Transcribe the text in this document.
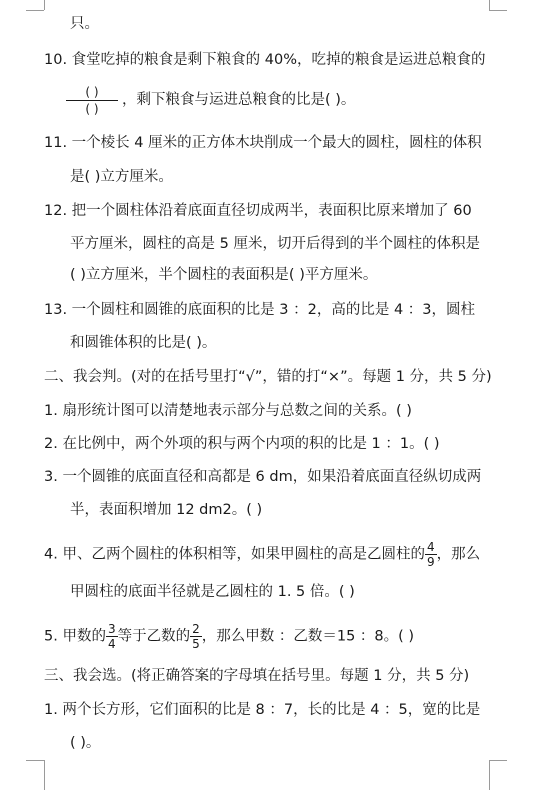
只。
10. 食堂吃掉的粮食是剩下粮食的 40%，吃掉的粮食是运进总粮食的
( )
( )
，剩下粮食与运进总粮食的比是( )。
11. 一个棱长 4 厘米的正方体木块削成一个最大的圆柱，圆柱的体积
是( )立方厘米。
12. 把一个圆柱体沿着底面直径切成两半，表面积比原来增加了 60
平方厘米，圆柱的高是 5 厘米，切开后得到的半个圆柱的体积是
( )立方厘米，半个圆柱的表面积是( )平方厘米。
13. 一个圆柱和圆锥的底面积的比是 3 ：2，高的比是 4 ：3，圆柱
和圆锥体积的比是( )。
二、我会判。(对的在括号里打“√”，错的打“×”。每题 1 分，共 5 分)
1. 扇形统计图可以清楚地表示部分与总数之间的关系。( )
2. 在比例中，两个外项的积与两个内项的积的比是 1 ：1。( )
3. 一个圆锥的底面直径和高都是 6 dm，如果沿着底面直径纵切成两
半，表面积增加 12 dm2。( )
4. 甲、乙两个圆柱的体积相等，如果甲圆柱的高是乙圆柱的 $\frac{4}{9}$ ，那么
甲圆柱的底面半径就是乙圆柱的 1. 5 倍。( )
5. 甲数的 $\frac{3}{4}$ 等于乙数的 $\frac{2}{5}$ ，那么甲数 ：乙数＝15 ：8。( )
三、我会选。(将正确答案的字母填在括号里。每题 1 分，共 5 分)
1. 两个长方形，它们面积的比是 8 ：7，长的比是 4 ：5，宽的比是
( )。
